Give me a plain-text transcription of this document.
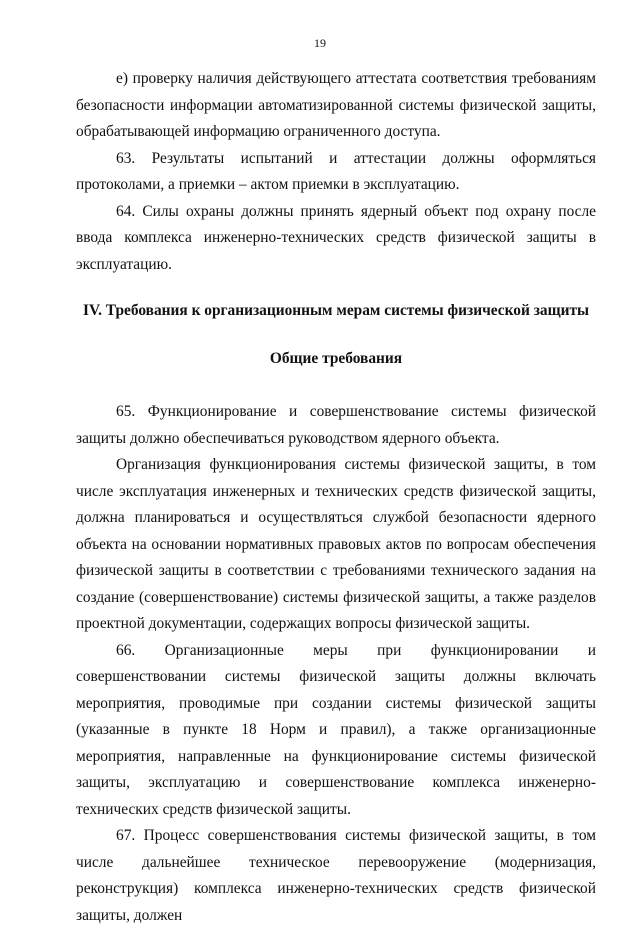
19

е) проверку наличия действующего аттестата соответствия требованиям безопасности информации автоматизированной системы физической защиты, обрабатывающей информацию ограниченного доступа.

63. Результаты испытаний и аттестации должны оформляться протоколами, а приемки – актом приемки в эксплуатацию.

64. Силы охраны должны принять ядерный объект под охрану после ввода комплекса инженерно-технических средств физической защиты в эксплуатацию.

IV. Требования к организационным мерам системы физической защиты

Общие требования

65. Функционирование и совершенствование системы физической защиты должно обеспечиваться руководством ядерного объекта.

Организация функционирования системы физической защиты, в том числе эксплуатация инженерных и технических средств физической защиты, должна планироваться и осуществляться службой безопасности ядерного объекта на основании нормативных правовых актов по вопросам обеспечения физической защиты в соответствии с требованиями технического задания на создание (совершенствование) системы физической защиты, а также разделов проектной документации, содержащих вопросы физической защиты.

66. Организационные меры при функционировании и совершенствовании системы физической защиты должны включать мероприятия, проводимые при создании системы физической защиты (указанные в пункте 18 Норм и правил), а также организационные мероприятия, направленные на функционирование системы физической защиты, эксплуатацию и совершенствование комплекса инженерно-технических средств физической защиты.

67. Процесс совершенствования системы физической защиты, в том числе дальнейшее техническое перевооружение (модернизация, реконструкция) комплекса инженерно-технических средств физической защиты, должен
